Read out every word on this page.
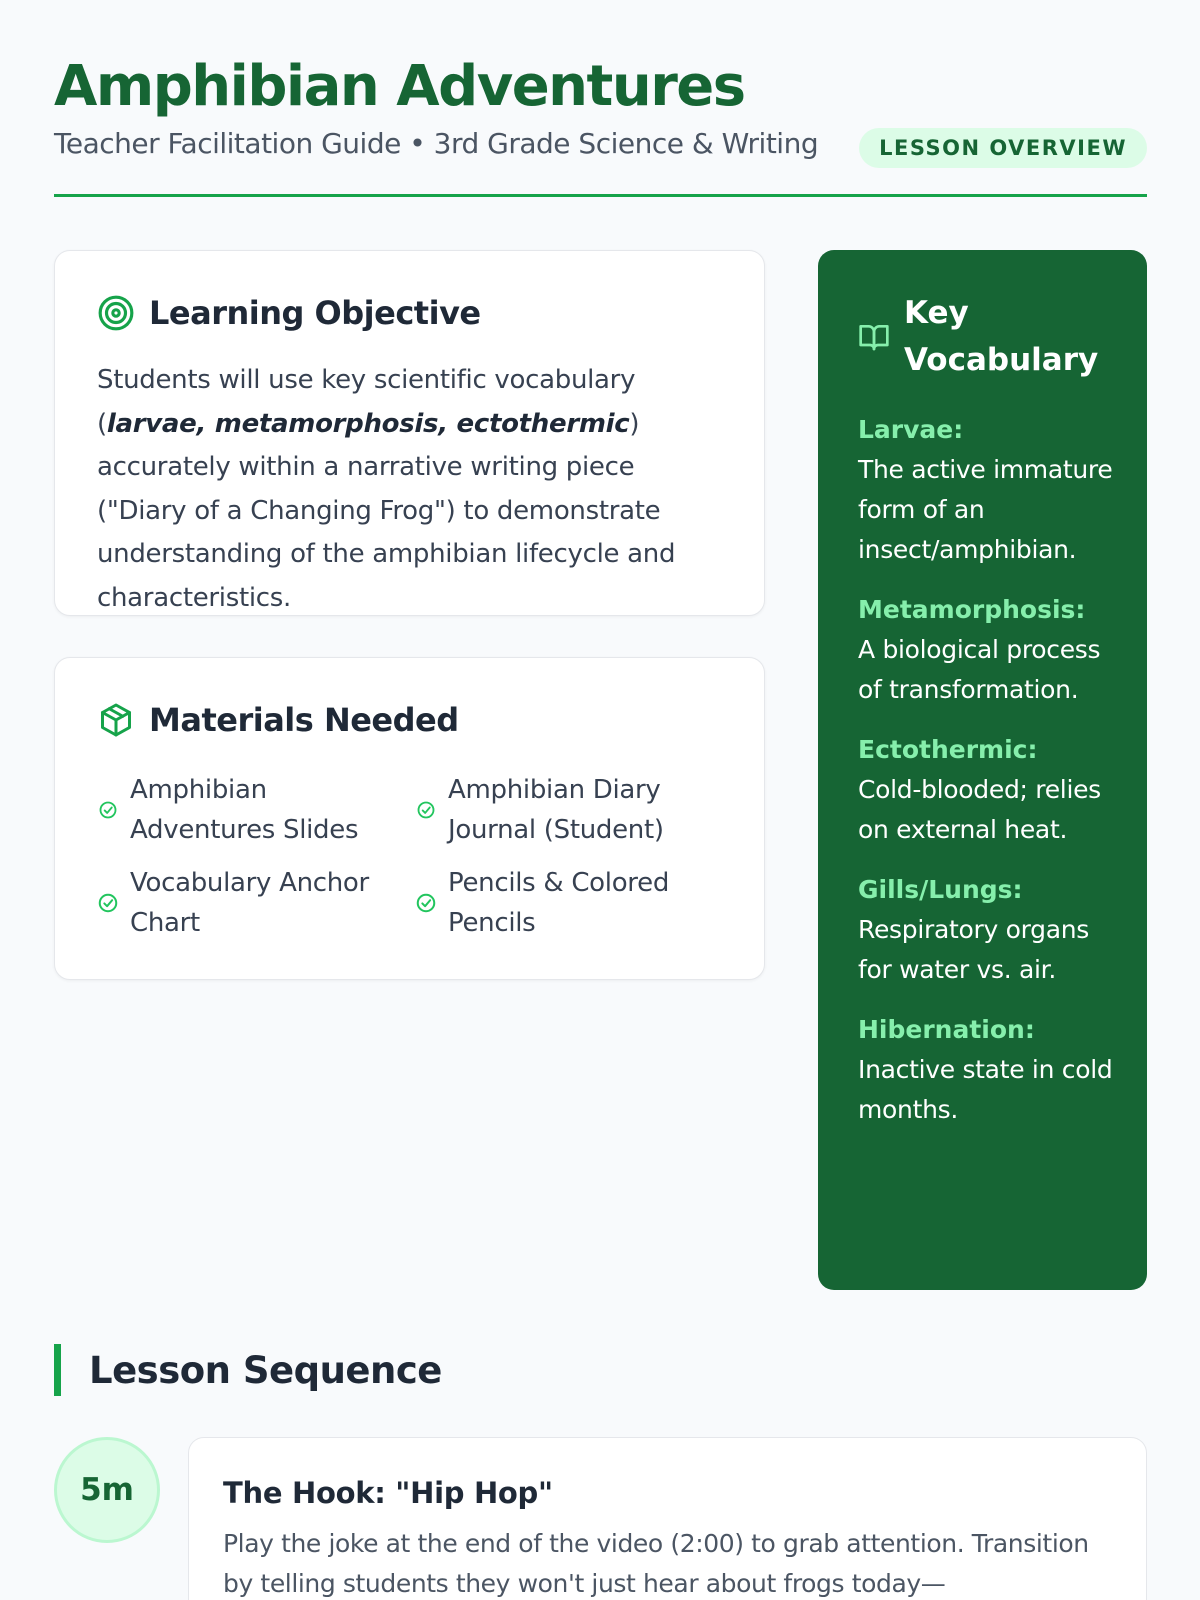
Amphibian Adventures
Teacher Facilitation Guide • 3rd Grade Science & Writing	LESSON OVERVIEW
Learning Objective

Students will use key scientific vocabulary (larvae, metamorphosis, ectothermic) accurately within a narrative writing piece ("Diary of a Changing Frog") to demonstrate understanding of the amphibian lifecycle and characteristics.

Materials Needed
Amphibian Adventures Slides
Amphibian Diary Journal (Student)
Vocabulary Anchor Chart
Pencils & Colored Pencils
Key Vocabulary
Larvae:
The active immature form of an insect/amphibian.
Metamorphosis:
A biological process of transformation.
Ectothermic:
Cold-blooded; relies on external heat.
Gills/Lungs:
Respiratory organs for water vs. air.
Hibernation:
Inactive state in cold months.
Lesson Sequence
5m	The Hook: "Hip Hop"

Play the joke at the end of the video (2:00) to grab attention. Transition by telling students they won't just hear about frogs today—
